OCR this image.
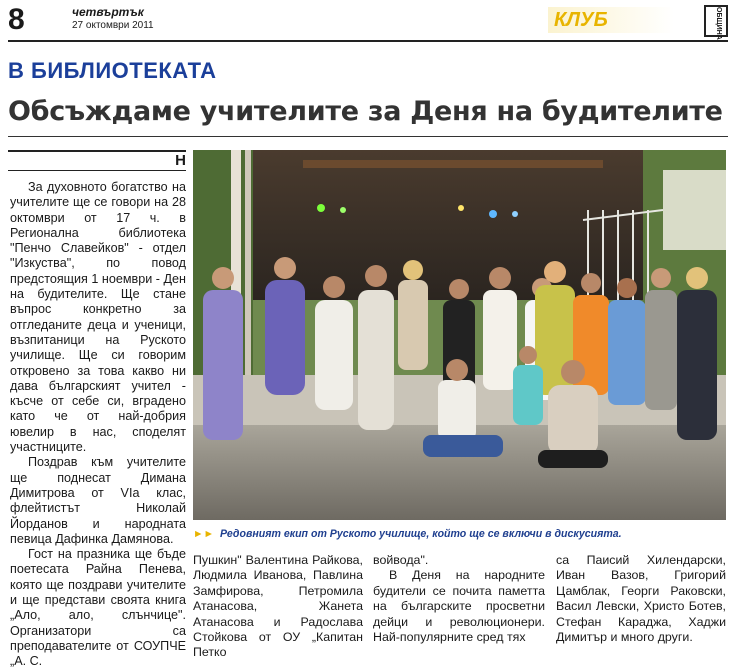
8	четвъртък
27 октомври 2011	КЛУБ	ОБЩИНА
В БИБЛИОТЕКАТА
Обсъждаме учителите за Деня на будителите
Н

За духовното богатство на учителите ще се говори на 28 октомври от 17 ч. в Регионална библиотека "Пенчо Славейков" - отдел "Изкуства", по повод предстоящия 1 ноември - Ден на будителите. Ще стане въпрос конкретно за отгледаните деца и ученици, възпитаници на Руското училище. Ще си говорим откровено за това какво ни дава българският учител - късче от себе си, вградено като че от най-добрия ювелир в нас, споделят участниците.

Поздрав към учителите ще поднесат Димана Димитрова от VIа клас, флейтистът Николай Йорданов и народната певица Дафинка Дамянова.

Гост на празника ще бъде поетесата Райна Пенева, която ще поздрави учителите и ще представи своята книга „Ало, ало, слънчице". Организатори са преподавателите от СОУПЧЕ „А. С.

►► Редовният екип от Руското училище, който ще се включи в дискусията.

Пушкин" Валентина Райкова, Людмила Иванова, Павлина Замфирова, Петромила Атанасова, Жанета Атанасова и Радослава Стойкова от ОУ „Капитан Петко

войвода".

В Деня на народните будители се почита паметта на българските просветни дейци и революционери. Най-популярните сред тях

са Паисий Хилендарски, Иван Вазов, Григорий Цамблак, Георги Раковски, Васил Левски, Христо Ботев, Стефан Караджа, Хаджи Димитър и много други.
